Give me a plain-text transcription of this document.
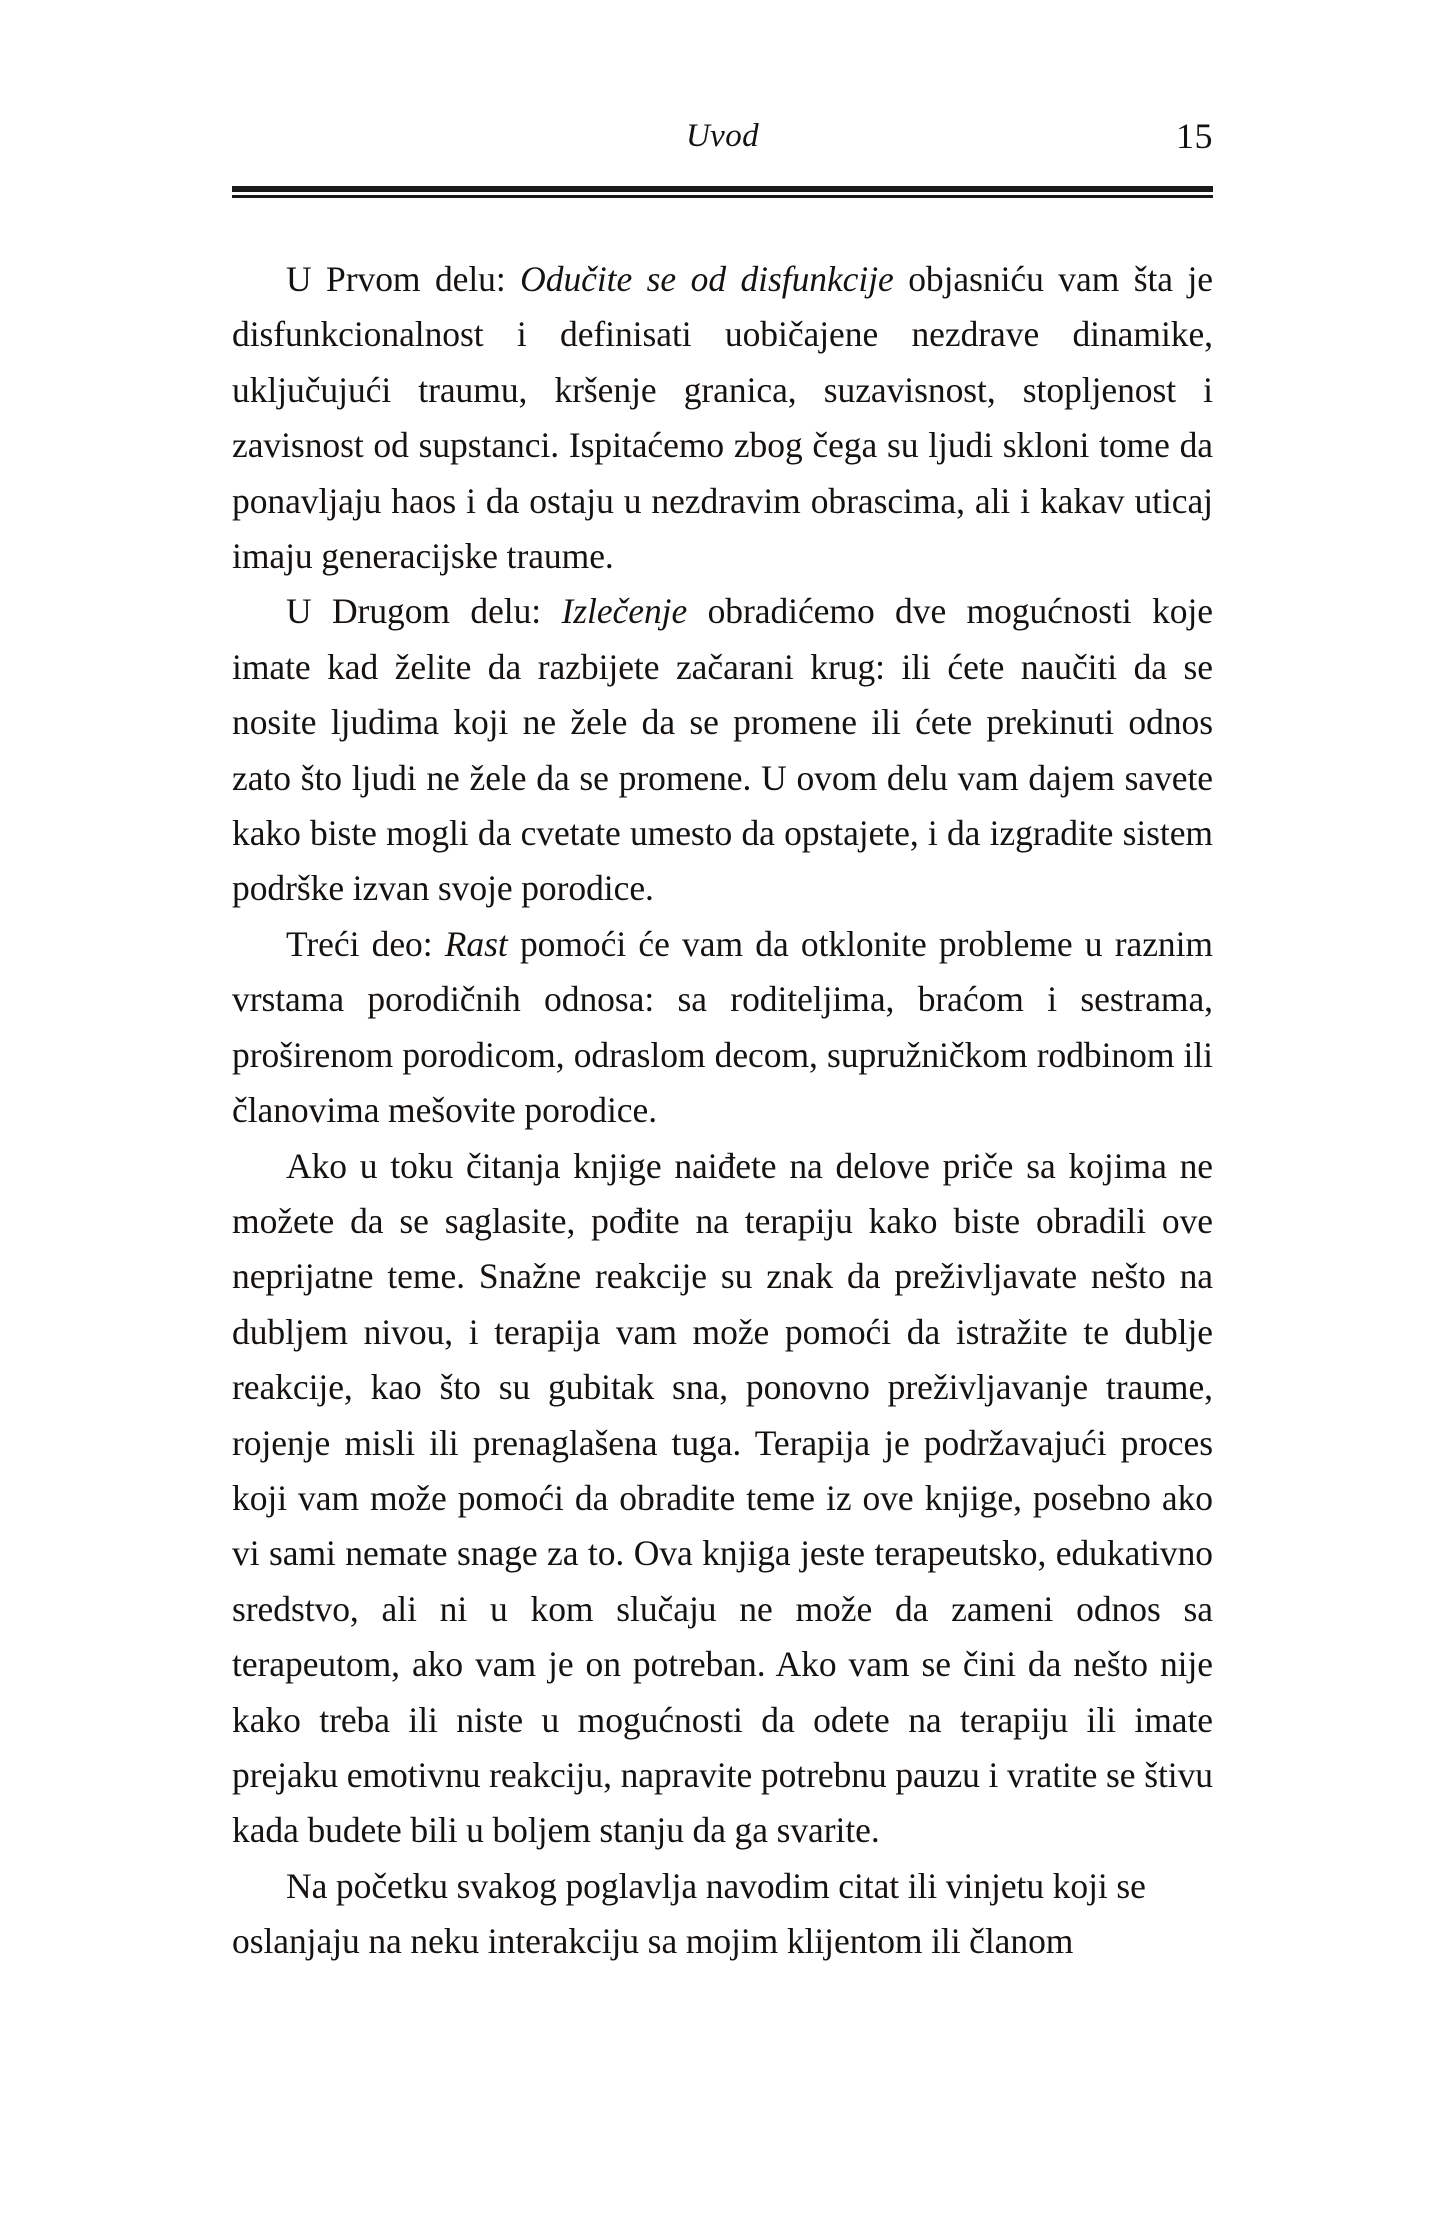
Uvod	15

U Prvom delu: Odučite se od disfunkcije objasniću vam šta je disfunkcionalnost i definisati uobičajene nezdrave dinamike, uključujući traumu, kršenje granica, suzavisnost, stopljenost i zavisnost od supstanci. Ispitaćemo zbog čega su ljudi skloni tome da ponavljaju haos i da ostaju u nezdravim obrascima, ali i kakav uticaj imaju generacijske traume.

U Drugom delu: Izlečenje obradićemo dve mogućnosti koje imate kad želite da razbijete začarani krug: ili ćete naučiti da se nosite ljudima koji ne žele da se promene ili ćete prekinuti odnos zato što ljudi ne žele da se promene. U ovom delu vam dajem savete kako biste mogli da cvetate umesto da opstajete, i da izgradite sistem podrške izvan svoje porodice.

Treći deo: Rast pomoći će vam da otklonite probleme u raznim vrstama porodičnih odnosa: sa roditeljima, braćom i sestrama, proširenom porodicom, odraslom decom, supružničkom rodbinom ili članovima mešovite porodice.

Ako u toku čitanja knjige naiđete na delove priče sa kojima ne možete da se saglasite, pođite na terapiju kako biste obradili ove neprijatne teme. Snažne reakcije su znak da preživljavate nešto na dubljem nivou, i terapija vam može pomoći da istražite te dublje reakcije, kao što su gubitak sna, ponovno preživljavanje traume, rojenje misli ili prenaglašena tuga. Terapija je podržavajući proces koji vam može pomoći da obradite teme iz ove knjige, posebno ako vi sami nemate snage za to. Ova knjiga jeste terapeutsko, edukativno sredstvo, ali ni u kom slučaju ne može da zameni odnos sa terapeutom, ako vam je on potreban. Ako vam se čini da nešto nije kako treba ili niste u mogućnosti da odete na terapiju ili imate prejaku emotivnu reakciju, napravite potrebnu pauzu i vratite se štivu kada budete bili u boljem stanju da ga svarite.

Na početku svakog poglavlja navodim citat ili vinjetu koji se oslanjaju na neku interakciju sa mojim klijentom ili članom
